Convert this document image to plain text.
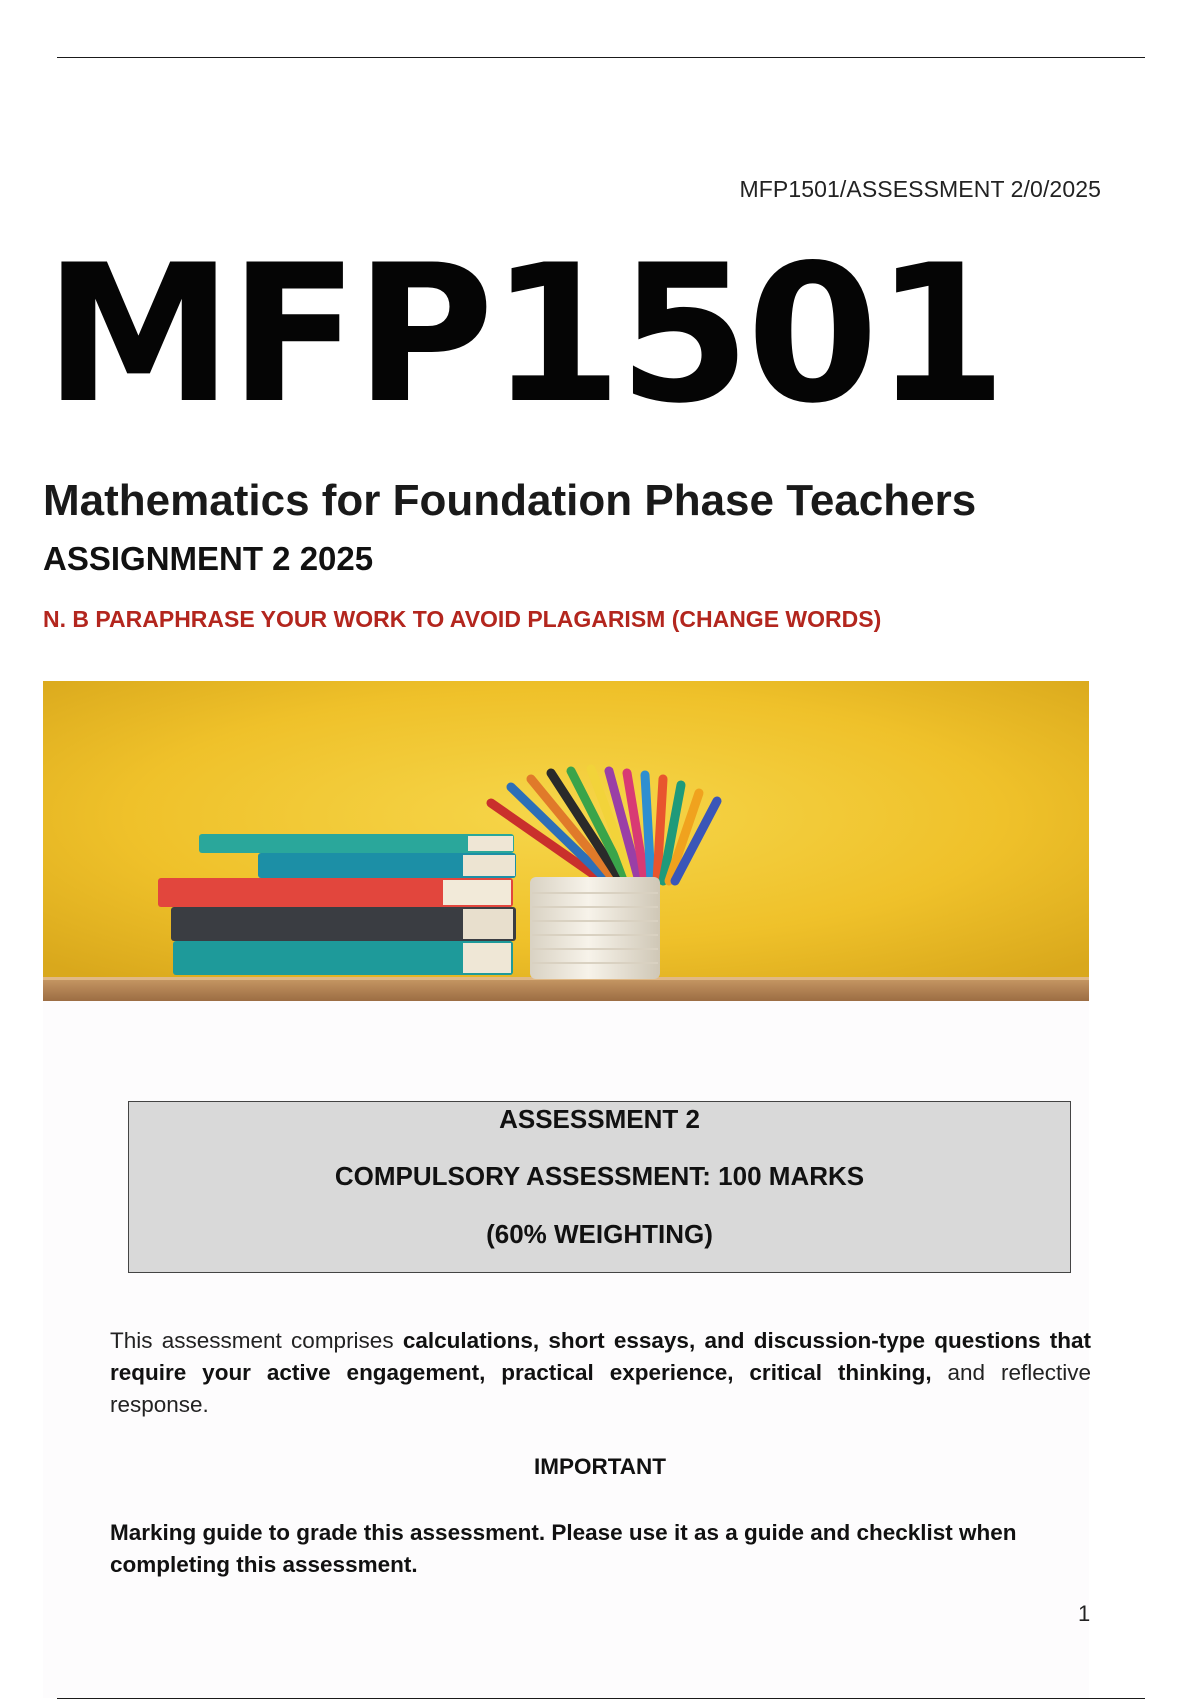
MFP1501/ASSESSMENT 2/0/2025
MFP1501
Mathematics for Foundation Phase Teachers
ASSIGNMENT 2 2025
N. B PARAPHRASE YOUR WORK TO AVOID PLAGARISM (CHANGE WORDS)
ASSESSMENT 2
COMPULSORY ASSESSMENT: 100 MARKS
(60% WEIGHTING)
This assessment comprises calculations, short essays, and discussion-type questions that require your active engagement, practical experience, critical thinking, and reflective response.
IMPORTANT
Marking guide to grade this assessment. Please use it as a guide and checklist when completing this assessment.
1
